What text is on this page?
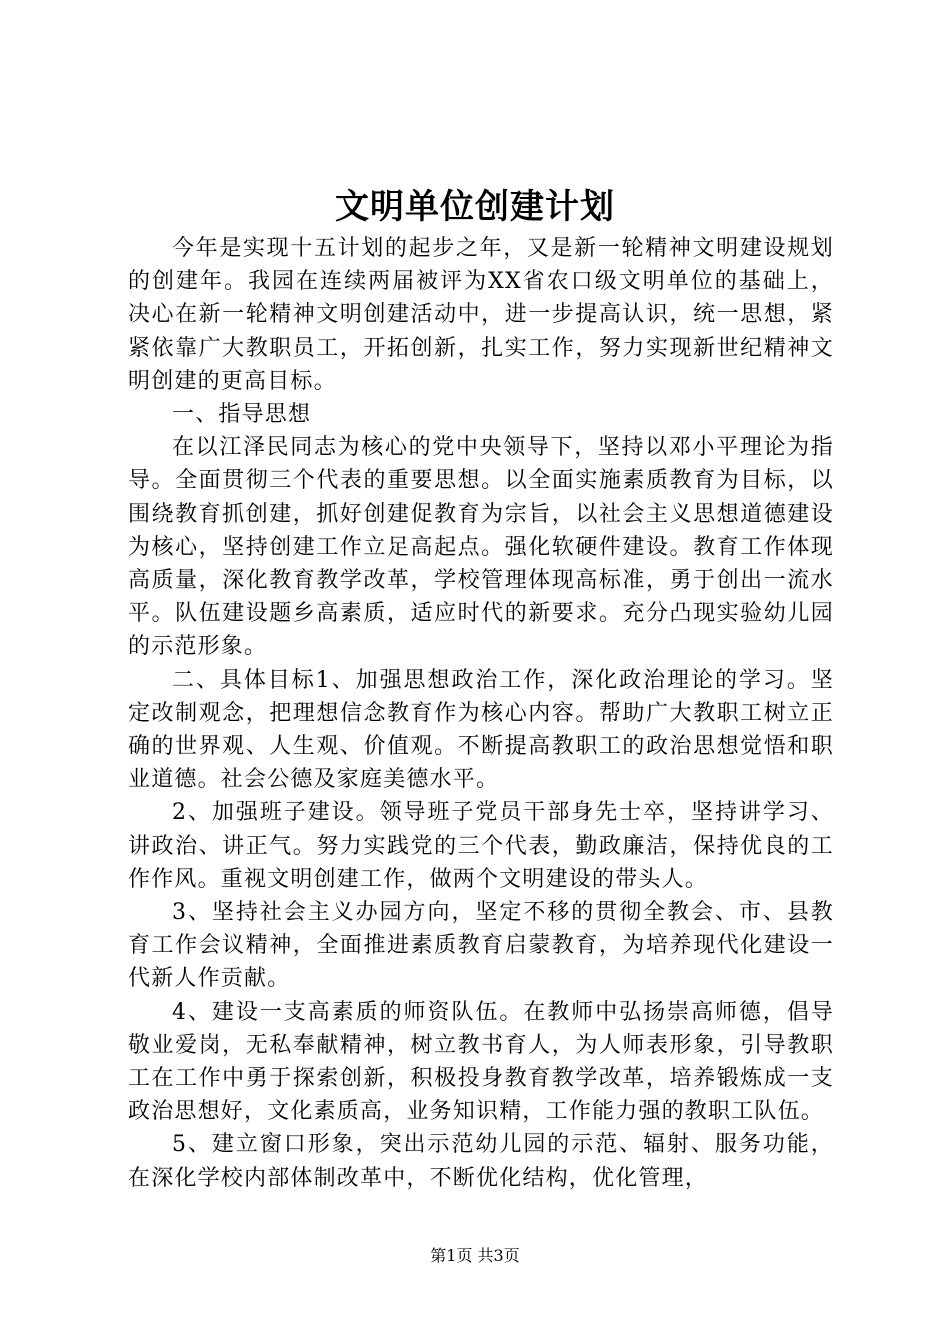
文明单位创建计划

今年是实现十五计划的起步之年，又是新一轮精神文明建设规划的创建年。我园在连续两届被评为XX省农口级文明单位的基础上，决心在新一轮精神文明创建活动中，进一步提高认识，统一思想，紧紧依靠广大教职员工，开拓创新，扎实工作，努力实现新世纪精神文明创建的更高目标。

一、指导思想

在以江泽民同志为核心的党中央领导下，坚持以邓小平理论为指导。全面贯彻三个代表的重要思想。以全面实施素质教育为目标，以围绕教育抓创建，抓好创建促教育为宗旨，以社会主义思想道德建设为核心，坚持创建工作立足高起点。强化软硬件建设。教育工作体现高质量，深化教育教学改革，学校管理体现高标准，勇于创出一流水平。队伍建设题乡高素质，适应时代的新要求。充分凸现实验幼儿园的示范形象。

二、具体目标1、加强思想政治工作，深化政治理论的学习。坚定改制观念，把理想信念教育作为核心内容。帮助广大教职工树立正确的世界观、人生观、价值观。不断提高教职工的政治思想觉悟和职业道德。社会公德及家庭美德水平。

2、加强班子建设。领导班子党员干部身先士卒，坚持讲学习、讲政治、讲正气。努力实践党的三个代表，勤政廉洁，保持优良的工作作风。重视文明创建工作，做两个文明建设的带头人。

3、坚持社会主义办园方向，坚定不移的贯彻全教会、市、县教育工作会议精神，全面推进素质教育启蒙教育，为培养现代化建设一代新人作贡献。

4、建设一支高素质的师资队伍。在教师中弘扬崇高师德，倡导敬业爱岗，无私奉献精神，树立教书育人，为人师表形象，引导教职工在工作中勇于探索创新，积极投身教育教学改革，培养锻炼成一支政治思想好，文化素质高，业务知识精，工作能力强的教职工队伍。

5、建立窗口形象，突出示范幼儿园的示范、辐射、服务功能，在深化学校内部体制改革中，不断优化结构，优化管理，

第1页 共3页
